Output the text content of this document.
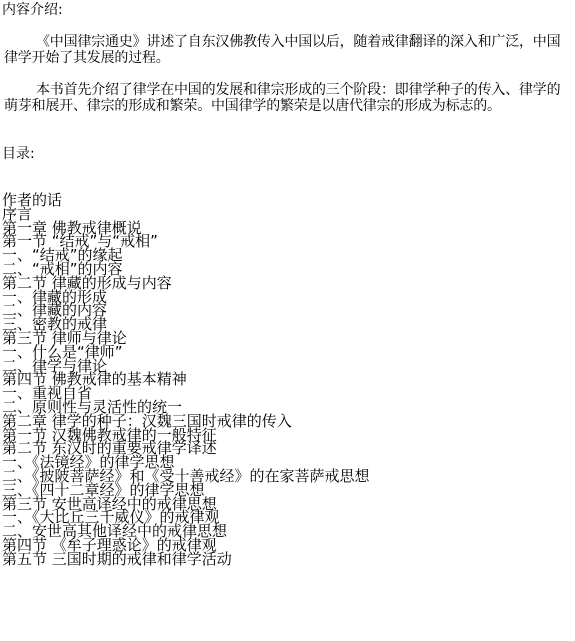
内容介绍:
《中国律宗通史》讲述了自东汉佛教传入中国以后，随着戒律翻译的深入和广泛，中国律学开始了其发展的过程。
本书首先介绍了律学在中国的发展和律宗形成的三个阶段：即律学种子的传入、律学的萌芽和展开、律宗的形成和繁荣。中国律学的繁荣是以唐代律宗的形成为标志的。
目录:
作者的话
序言
第一章 佛教戒律概说
第一节 “结戒”与“戒相”
一、“结戒”的缘起
二、“戒相”的内容
第二节 律藏的形成与内容
一、律藏的形成
二、律藏的内容
三、密教的戒律
第三节 律师与律论
一、什么是“律师”
二、律学与律论
第四节 佛教戒律的基本精神
一、重视自省
二、原则性与灵活性的统一
第二章 律学的种子：汉魏三国时戒律的传入
第一节 汉魏佛教戒律的一般特征
第二节 东汉时的重要戒律学译述
一、《法镜经》的律学思想
二、《披陂菩萨经》和《受十善戒经》的在家菩萨戒思想
三、《四十二章经》的律学思想
第三节 安世高译经中的戒律思想
一、《大比丘三千威仪》的戒律观
二、安世高其他译经中的戒律思想
第四节 《牟子理惑论》的戒律观
第五节 三国时期的戒律和律学活动
